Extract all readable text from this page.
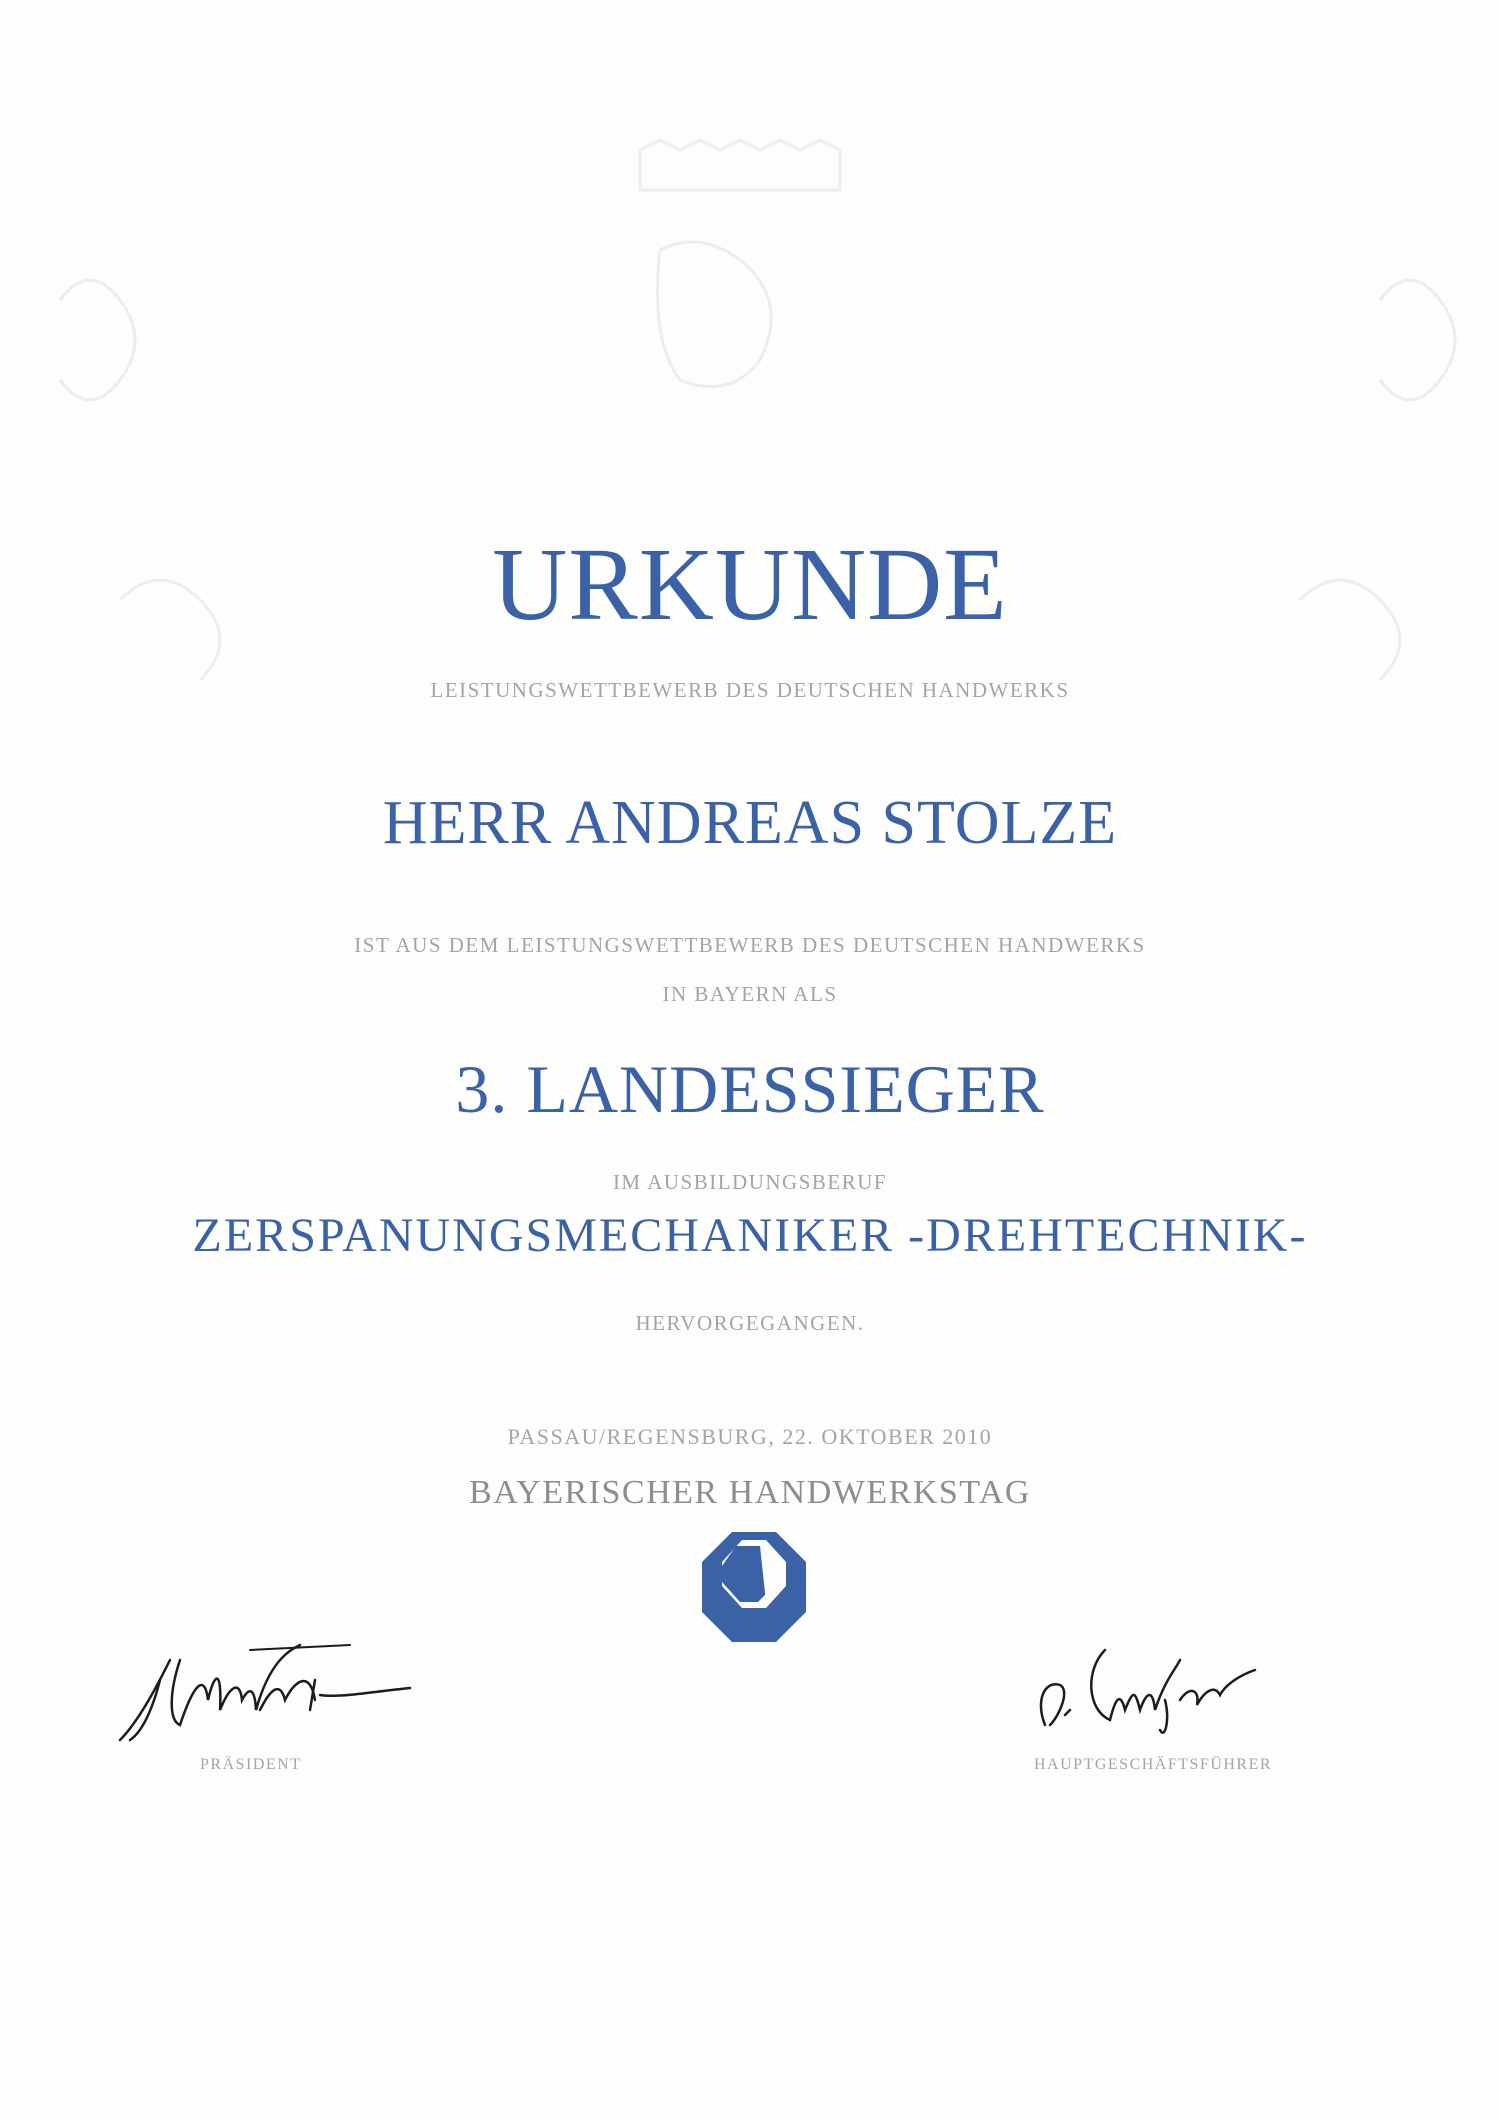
URKUNDE
LEISTUNGSWETTBEWERB DES DEUTSCHEN HANDWERKS
HERR ANDREAS STOLZE
IST AUS DEM LEISTUNGSWETTBEWERB DES DEUTSCHEN HANDWERKS
IN BAYERN ALS
3. LANDESSIEGER
IM AUSBILDUNGSBERUF
ZERSPANUNGSMECHANIKER -DREHTECHNIK-
HERVORGEGANGEN.
PASSAU/REGENSBURG, 22. OKTOBER 2010
BAYERISCHER HANDWERKSTAG
PRÄSIDENT	HAUPTGESCHÄFTSFÜHRER
